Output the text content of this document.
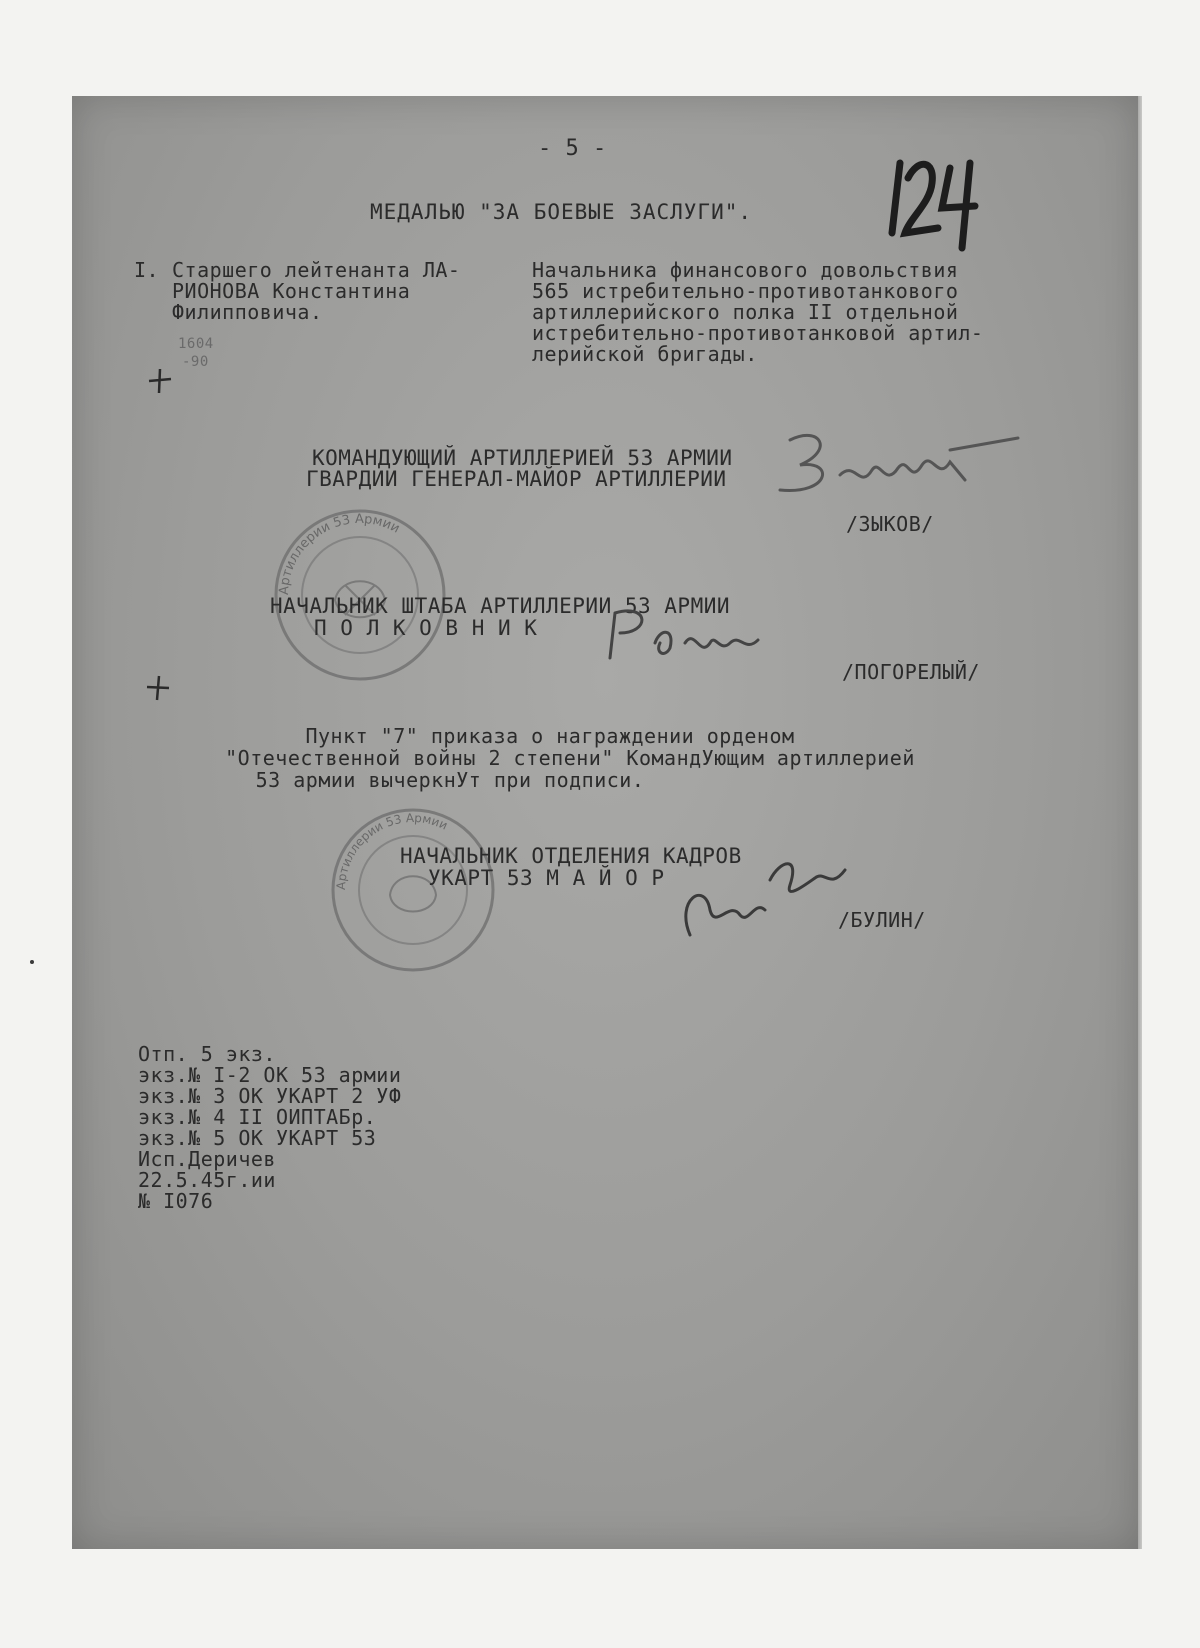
- 5 -
МЕДАЛЬЮ "ЗА БОЕВЫЕ ЗАСЛУГИ".
I. Старшего лейтенанта ЛА-
РИОНОВА Константина
Филипповича.
1604
-90
Начальника финансового довольствия
565 истребительно-противотанкового
артиллерийского полка II отдельной
истребительно-противотанковой артил-
лерийской бригады.
КОМАНДУЮЩИЙ АРТИЛЛЕРИЕЙ 53 АРМИИ
ГВАРДИИ ГЕНЕРАЛ-МАЙОР АРТИЛЛЕРИИ
/ЗЫКОВ/
Артиллерии 53 Армии
НАЧАЛЬНИК ШТАБА АРТИЛЛЕРИИ 53 АРМИИ
П О Л К О В Н И К
/ПОГОРЕЛЫЙ/
Пункт "7" приказа о награждении орденом
"Отечественной войны 2 степени" КомандУющим артиллерией
53 армии вычеркнУт при подписи.
Артиллерии 53 Армии
НАЧАЛЬНИК ОТДЕЛЕНИЯ КАДРОВ
УКАРТ 53 М А Й О Р
/БУЛИН/
Отп. 5 экз.
экз.№ I-2 ОК 53 армии
экз.№ 3 ОК УКАРТ 2 УФ
экз.№ 4 II ОИПТАБр.
экз.№ 5 ОК УКАРТ 53
Исп.Деричев
22.5.45г.ии
№ I076
